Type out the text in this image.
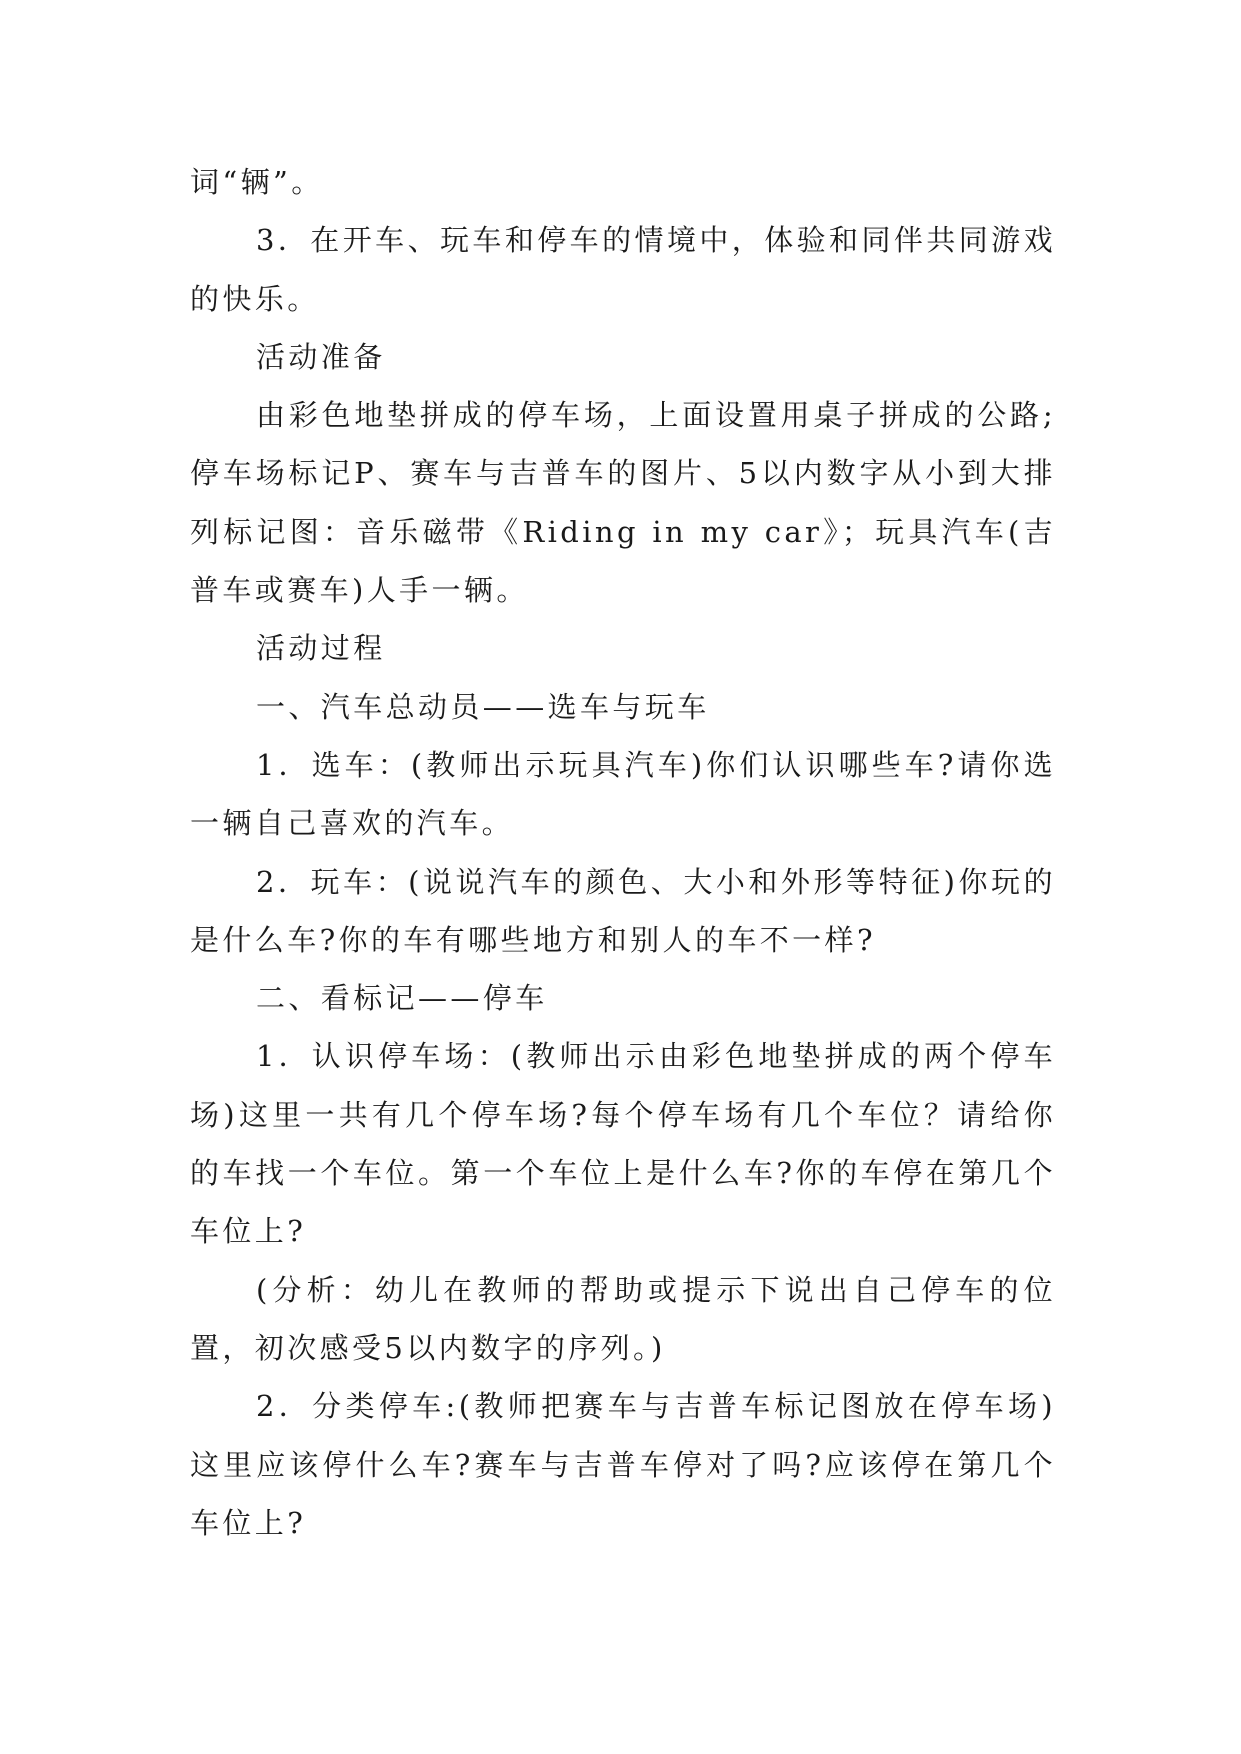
词“辆”。

3．在开车、玩车和停车的情境中，体验和同伴共同游戏的快乐。

活动准备

由彩色地垫拼成的停车场，上面设置用桌子拼成的公路;停车场标记P、赛车与吉普车的图片、5以内数字从小到大排列标记图：音乐磁带《Riding in my car》；玩具汽车(吉普车或赛车)人手一辆。

活动过程

一、汽车总动员——选车与玩车

1．选车：(教师出示玩具汽车)你们认识哪些车?请你选一辆自己喜欢的汽车。

2．玩车：(说说汽车的颜色、大小和外形等特征)你玩的是什么车?你的车有哪些地方和别人的车不一样?

二、看标记——停车

1．认识停车场：(教师出示由彩色地垫拼成的两个停车场)这里一共有几个停车场?每个停车场有几个车位？请给你的车找一个车位。第一个车位上是什么车?你的车停在第几个车位上?

(分析：幼儿在教师的帮助或提示下说出自己停车的位置，初次感受5以内数字的序列。)

2．分类停车:(教师把赛车与吉普车标记图放在停车场)这里应该停什么车?赛车与吉普车停对了吗?应该停在第几个车位上?
